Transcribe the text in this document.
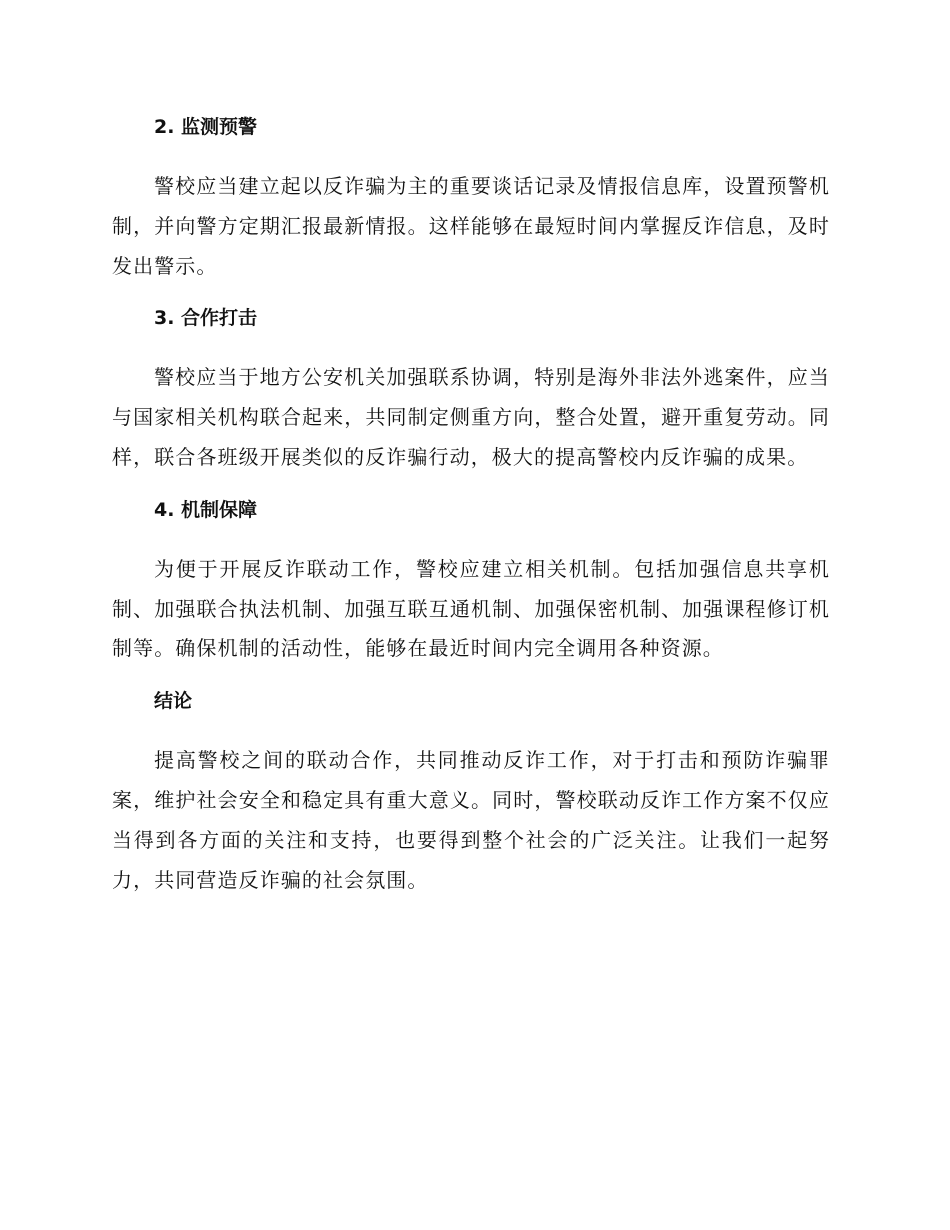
2. 监测预警

警校应当建立起以反诈骗为主的重要谈话记录及情报信息库，设置预警机制，并向警方定期汇报最新情报。这样能够在最短时间内掌握反诈信息，及时发出警示。

3. 合作打击

警校应当于地方公安机关加强联系协调，特别是海外非法外逃案件，应当与国家相关机构联合起来，共同制定侧重方向，整合处置，避开重复劳动。同样，联合各班级开展类似的反诈骗行动，极大的提高警校内反诈骗的成果。

4. 机制保障

为便于开展反诈联动工作，警校应建立相关机制。包括加强信息共享机制、加强联合执法机制、加强互联互通机制、加强保密机制、加强课程修订机制等。确保机制的活动性，能够在最近时间内完全调用各种资源。

结论

提高警校之间的联动合作，共同推动反诈工作，对于打击和预防诈骗罪案，维护社会安全和稳定具有重大意义。同时，警校联动反诈工作方案不仅应当得到各方面的关注和支持，也要得到整个社会的广泛关注。让我们一起努力，共同营造反诈骗的社会氛围。
